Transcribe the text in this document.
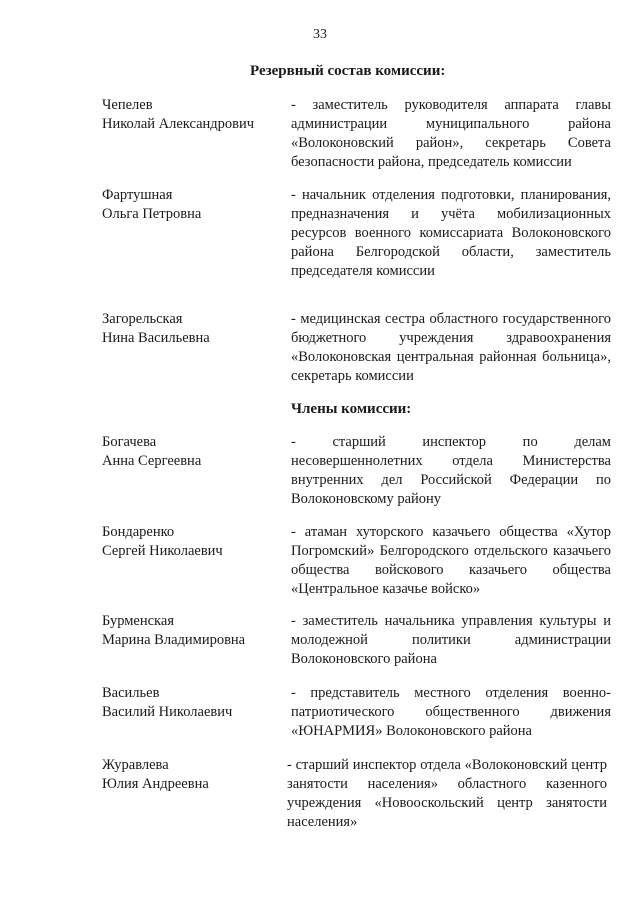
33
Резервный состав комиссии:
Чепелев
Николай Александрович
- заместитель руководителя аппарата главы администрации муниципального района «Волоконовский район», секретарь Совета безопасности района, председатель комиссии
Фартушная
Ольга Петровна
- начальник отделения подготовки, планирования, предназначения и учёта мобилизационных ресурсов военного комиссариата Волоконовского района Белгородской области, заместитель председателя комиссии
Загорельская
Нина Васильевна
- медицинская сестра областного государственного бюджетного учреждения здравоохранения «Волоконовская центральная районная больница», секретарь комиссии
Члены комиссии:
Богачева
Анна Сергеевна
- старший инспектор по делам несовершеннолетних отдела Министерства внутренних дел Российской Федерации по Волоконовскому району
Бондаренко
Сергей Николаевич
- атаман хуторского казачьего общества «Хутор Погромский» Белгородского отдельского казачьего общества войскового казачьего общества «Центральное казачье войско»
Бурменская
Марина Владимировна
- заместитель начальника управления культуры и молодежной политики администрации Волоконовского района
Васильев
Василий Николаевич
- представитель местного отделения военно-патриотического общественного движения «ЮНАРМИЯ» Волоконовского района
Журавлева
Юлия Андреевна
- старший инспектор отдела «Волоконовский центр занятости населения» областного казенного учреждения «Новооскольский центр занятости населения»
